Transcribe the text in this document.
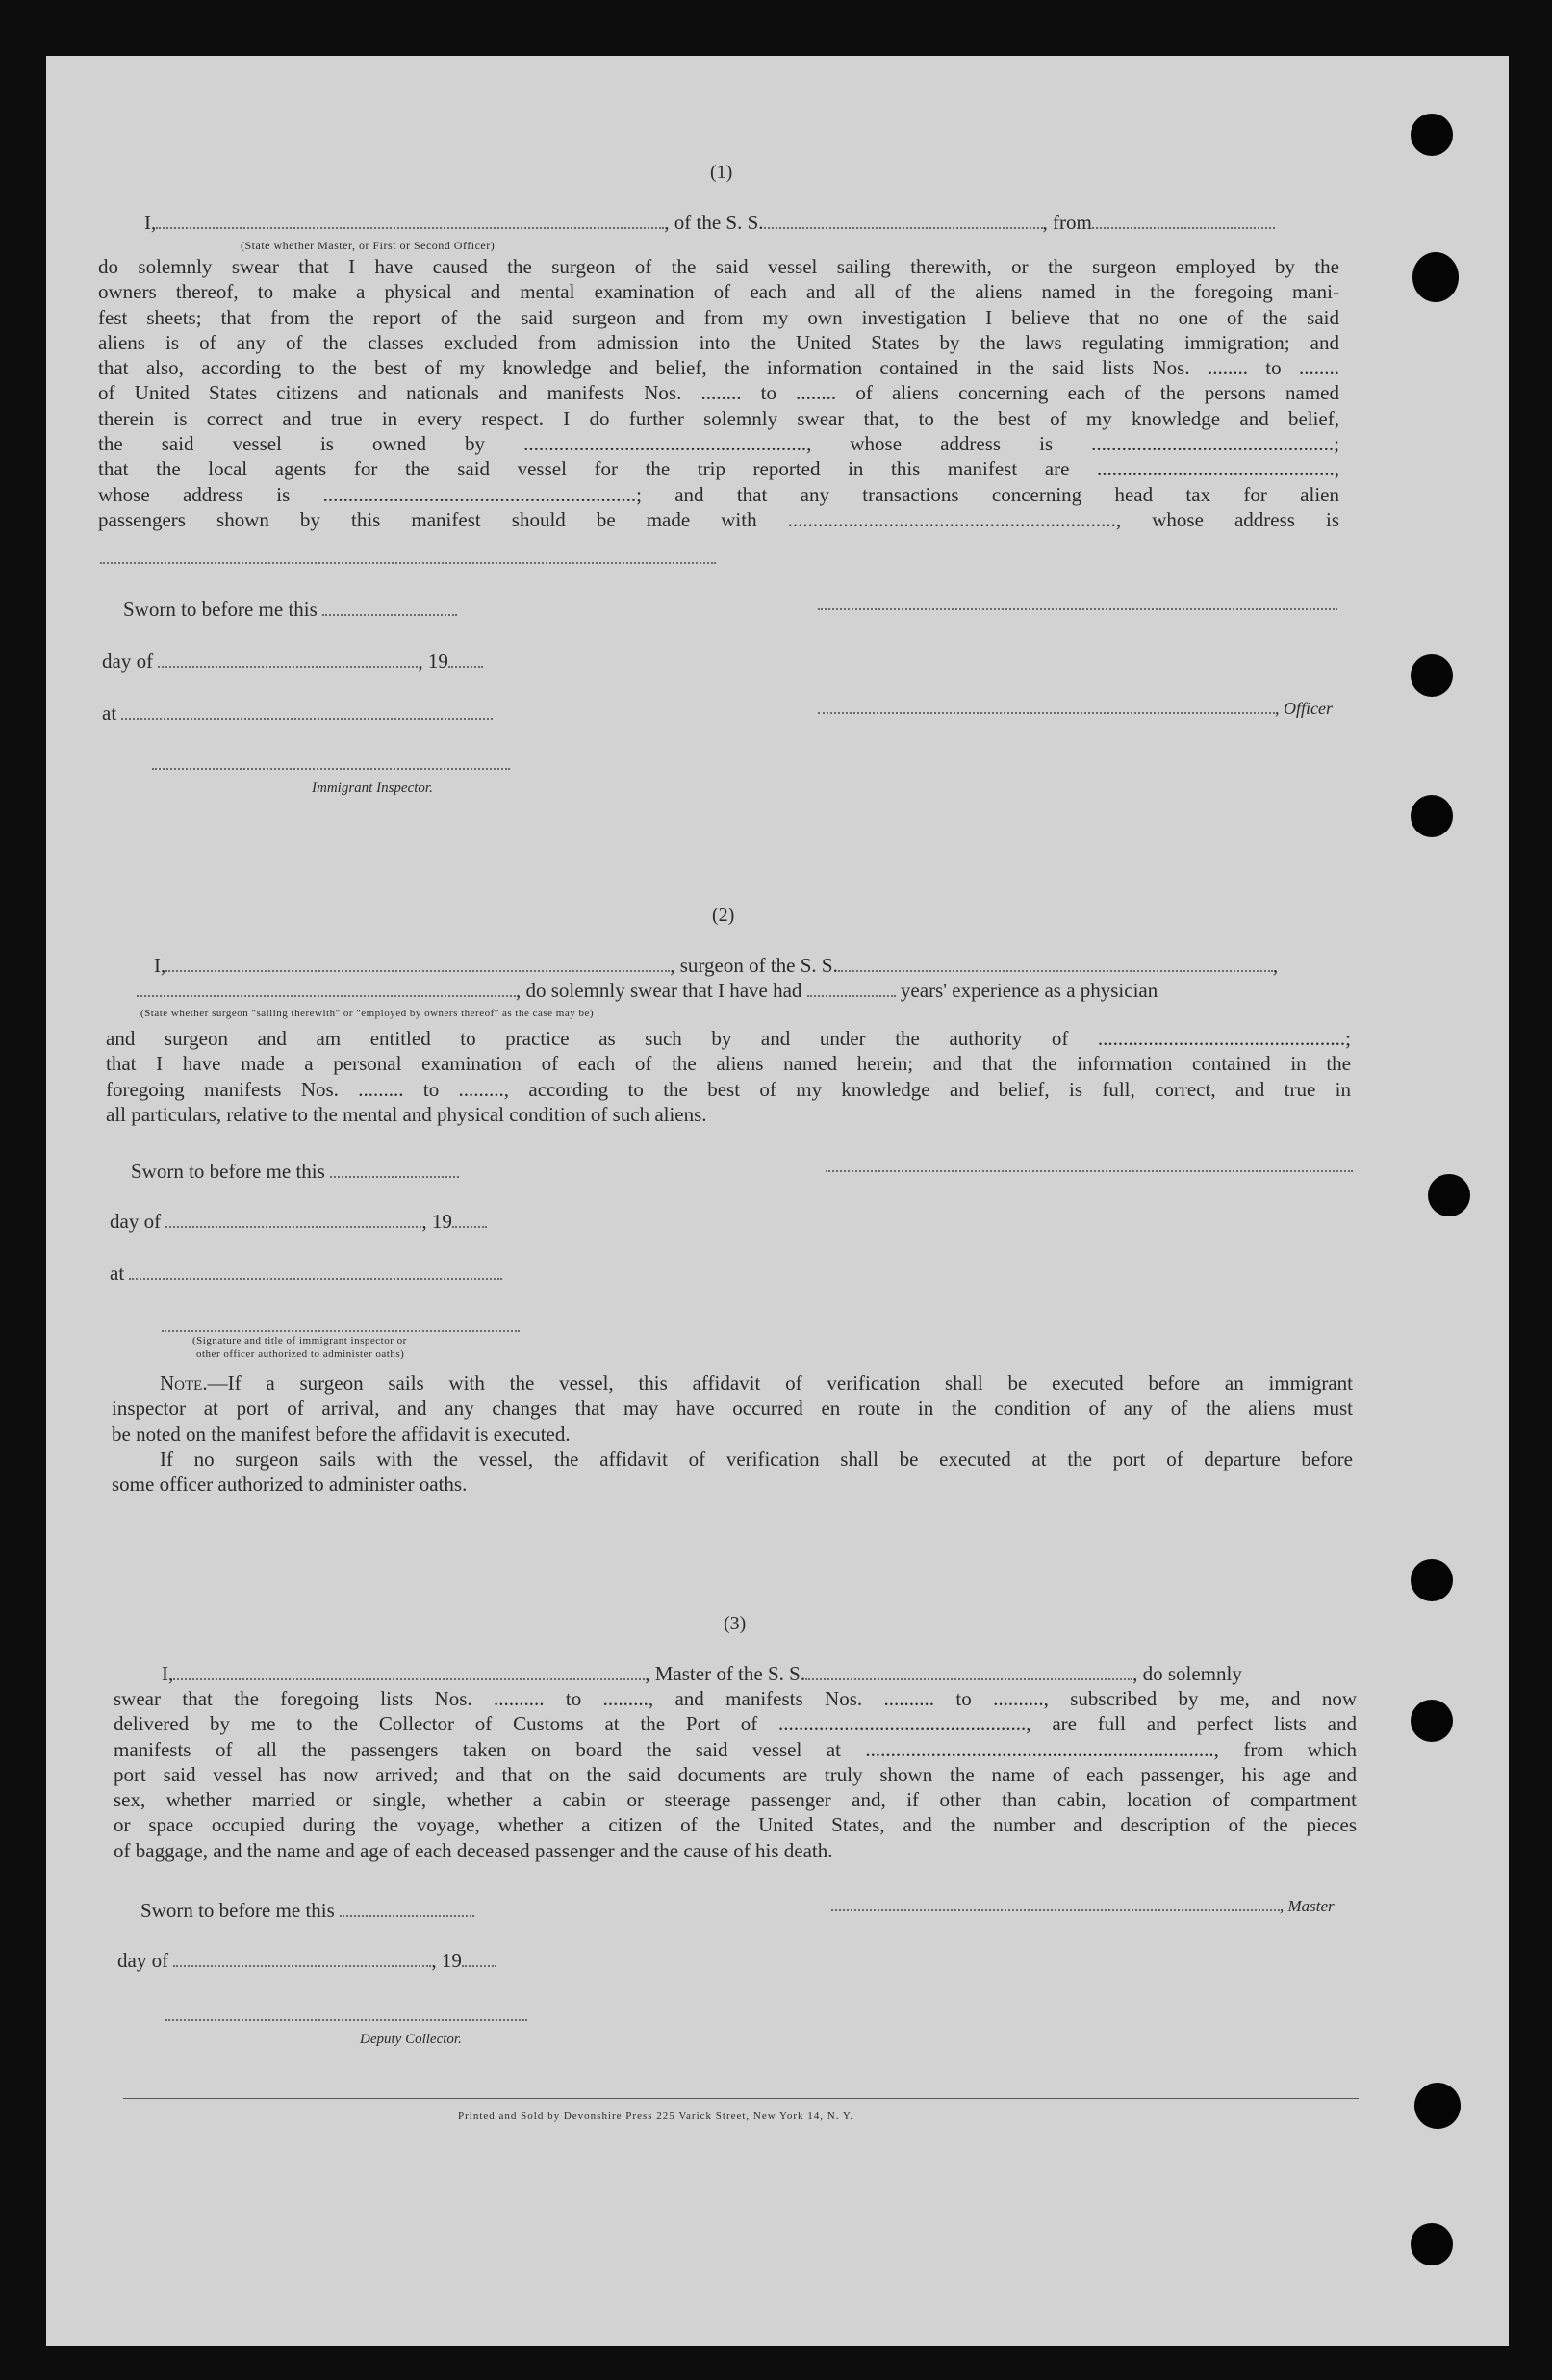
(1)
I,	, of the S. S.	, from
(State whether Master, or First or Second Officer)
do solemnly swear that I have caused the surgeon of the said vessel sailing therewith, or the surgeon employed by the
owners thereof, to make a physical and mental examination of each and all of the aliens named in the foregoing mani-
fest sheets; that from the report of the said surgeon and from my own investigation I believe that no one of the said
aliens is of any of the classes excluded from admission into the United States by the laws regulating immigration; and
that also, according to the best of my knowledge and belief, the information contained in the said lists Nos. ........ to ........
of United States citizens and nationals and manifests Nos. ........ to ........ of aliens concerning each of the persons named
therein is correct and true in every respect. I do further solemnly swear that, to the best of my knowledge and belief,
the said vessel is owned by ........................................................, whose address is ................................................;
that the local agents for the said vessel for the trip reported in this manifest are ...............................................,
whose address is ..............................................................; and that any transactions concerning head tax for alien
passengers shown by this manifest should be made with ................................................................., whose address is
Sworn to before me this
day of	, 19
at	, Officer
Immigrant Inspector.
(2)
I,	, surgeon of the S. S.	,
, do solemnly swear that I have had	years' experience as a physician
(State whether surgeon "sailing therewith" or "employed by owners thereof" as the case may be)
and surgeon and am entitled to practice as such by and under the authority of .................................................;
that I have made a personal examination of each of the aliens named herein; and that the information contained in the
foregoing manifests Nos. ......... to ........., according to the best of my knowledge and belief, is full, correct, and true in
all particulars, relative to the mental and physical condition of such aliens.
Sworn to before me this
day of	, 19
at
(Signature and title of immigrant inspector or
other officer authorized to administer oaths)
Note.—If a surgeon sails with the vessel, this affidavit of verification shall be executed before an immigrant
inspector at port of arrival, and any changes that may have occurred en route in the condition of any of the aliens must
be noted on the manifest before the affidavit is executed.
If no surgeon sails with the vessel, the affidavit of verification shall be executed at the port of departure before
some officer authorized to administer oaths.
(3)
I,	, Master of the S. S.	, do solemnly
swear that the foregoing lists Nos. .......... to ........., and manifests Nos. .......... to .........., subscribed by me, and now
delivered by me to the Collector of Customs at the Port of ................................................., are full and perfect lists and
manifests of all the passengers taken on board the said vessel at ....................................................................., from which
port said vessel has now arrived; and that on the said documents are truly shown the name of each passenger, his age and
sex, whether married or single, whether a cabin or steerage passenger and, if other than cabin, location of compartment
or space occupied during the voyage, whether a citizen of the United States, and the number and description of the pieces
of baggage, and the name and age of each deceased passenger and the cause of his death.
Sworn to before me this	, Master
day of	, 19
Deputy Collector.
Printed and Sold by Devonshire Press 225 Varick Street, New York 14, N. Y.
